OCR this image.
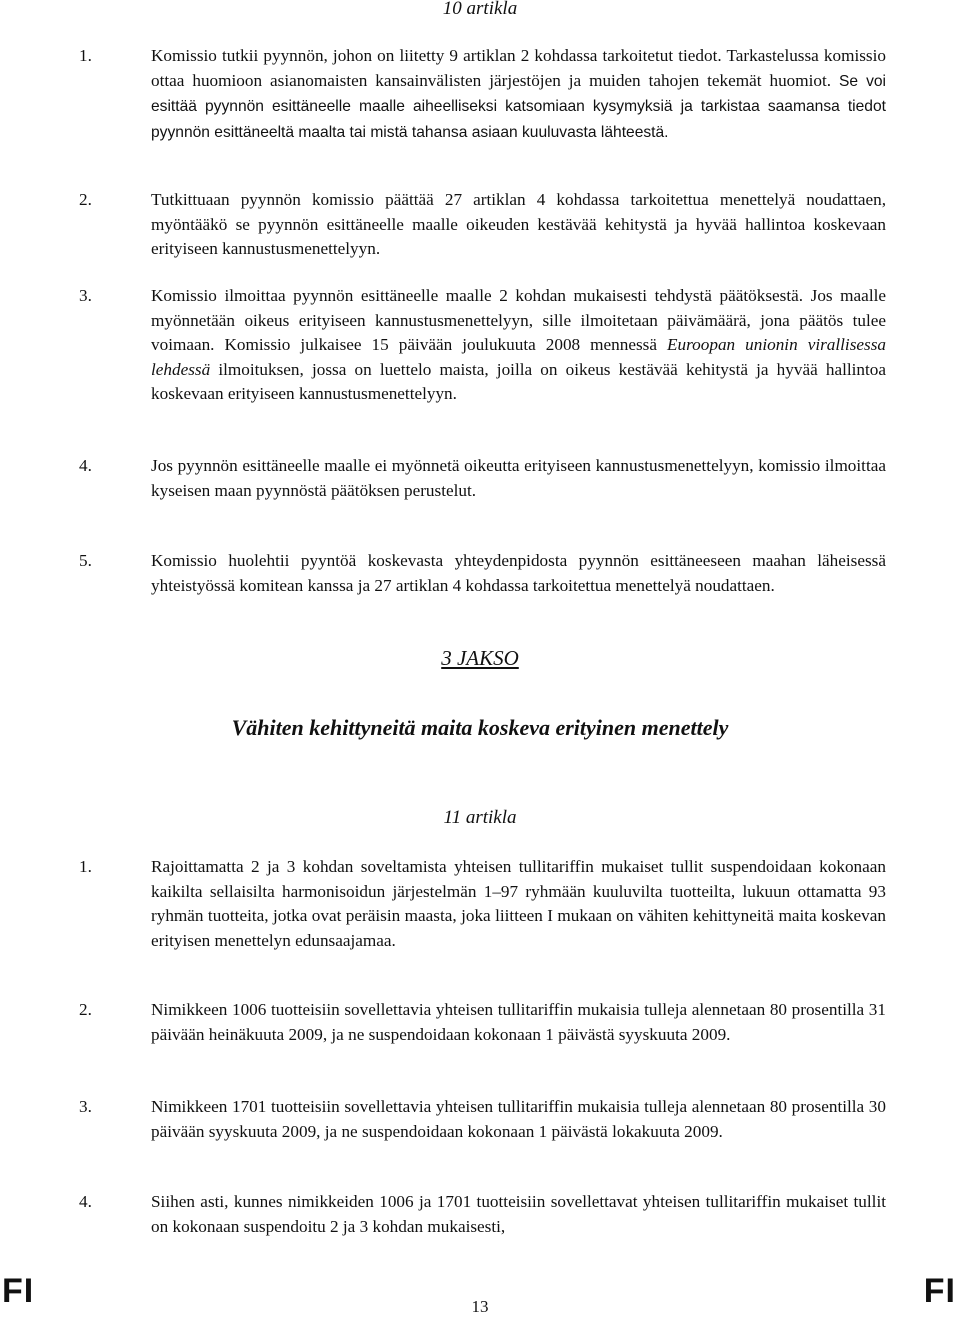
10 artikla
1.	Komissio tutkii pyynnön, johon on liitetty 9 artiklan 2 kohdassa tarkoitetut tiedot. Tarkastelussa komissio ottaa huomioon asianomaisten kansainvälisten järjestöjen ja muiden tahojen tekemät huomiot. Se voi esittää pyynnön esittäneelle maalle aiheelliseksi katsomiaan kysymyksiä ja tarkistaa saamansa tiedot pyynnön esittäneeltä maalta tai mistä tahansa asiaan kuuluvasta lähteestä.
2.	Tutkittuaan pyynnön komissio päättää 27 artiklan 4 kohdassa tarkoitettua menettelyä noudattaen, myöntääkö se pyynnön esittäneelle maalle oikeuden kestävää kehitystä ja hyvää hallintoa koskevaan erityiseen kannustusmenettelyyn.
3.	Komissio ilmoittaa pyynnön esittäneelle maalle 2 kohdan mukaisesti tehdystä päätöksestä. Jos maalle myönnetään oikeus erityiseen kannustusmenettelyyn, sille ilmoitetaan päivämäärä, jona päätös tulee voimaan. Komissio julkaisee 15 päivään joulukuuta 2008 mennessä Euroopan unionin virallisessa lehdessä ilmoituksen, jossa on luettelo maista, joilla on oikeus kestävää kehitystä ja hyvää hallintoa koskevaan erityiseen kannustusmenettelyyn.
4.	Jos pyynnön esittäneelle maalle ei myönnetä oikeutta erityiseen kannustusmenettelyyn, komissio ilmoittaa kyseisen maan pyynnöstä päätöksen perustelut.
5.	Komissio huolehtii pyyntöä koskevasta yhteydenpidosta pyynnön esittäneeseen maahan läheisessä yhteistyössä komitean kanssa ja 27 artiklan 4 kohdassa tarkoitettua menettelyä noudattaen.
3 JAKSO
Vähiten kehittyneitä maita koskeva erityinen menettely
11 artikla
1.	Rajoittamatta 2 ja 3 kohdan soveltamista yhteisen tullitariffin mukaiset tullit suspendoidaan kokonaan kaikilta sellaisilta harmonisoidun järjestelmän 1–97 ryhmään kuuluvilta tuotteilta, lukuun ottamatta 93 ryhmän tuotteita, jotka ovat peräisin maasta, joka liitteen I mukaan on vähiten kehittyneitä maita koskevan erityisen menettelyn edunsaajamaa.
2.	Nimikkeen 1006 tuotteisiin sovellettavia yhteisen tullitariffin mukaisia tulleja alennetaan 80 prosentilla 31 päivään heinäkuuta 2009, ja ne suspendoidaan kokonaan 1 päivästä syyskuuta 2009.
3.	Nimikkeen 1701 tuotteisiin sovellettavia yhteisen tullitariffin mukaisia tulleja alennetaan 80 prosentilla 30 päivään syyskuuta 2009, ja ne suspendoidaan kokonaan 1 päivästä lokakuuta 2009.
4.	Siihen asti, kunnes nimikkeiden 1006 ja 1701 tuotteisiin sovellettavat yhteisen tullitariffin mukaiset tullit on kokonaan suspendoitu 2 ja 3 kohdan mukaisesti,
FI	13	FI
